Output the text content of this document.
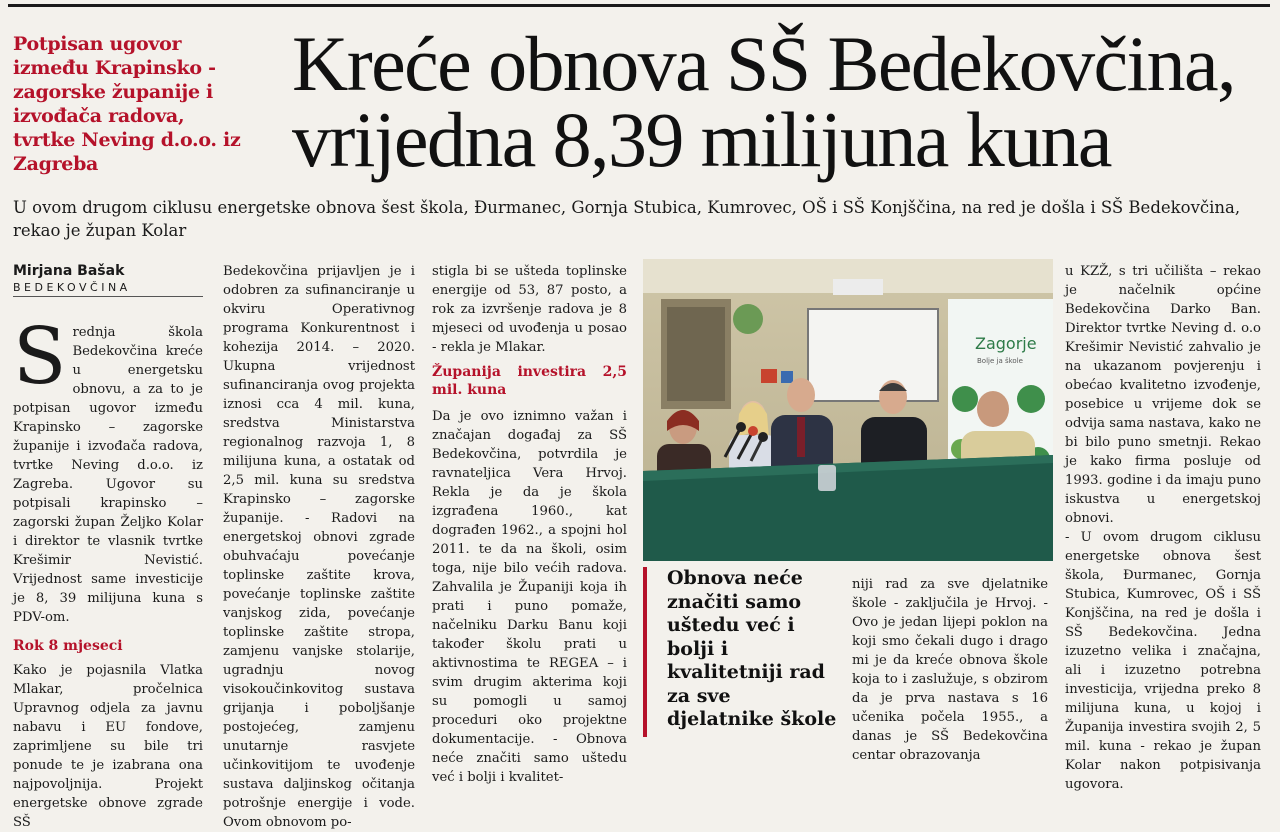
Potpisan ugovor između Krapinsko - zagorske županije i izvođača radova, tvrtke Neving d.o.o. iz Zagreba
Kreće obnova SŠ Bedekovčina,
vrijedna 8,39 milijuna kuna

U ovom drugom ciklusu energetske obnova šest škola, Đurmanec, Gornja Stubica, Kumrovec, OŠ i SŠ Konjščina, na red je došla i SŠ Bedekovčina, rekao je župan Kolar

Mirjana Bašak

BEDEKOVČINA

Srednja škola Bedekovčina kreće u energetsku obnovu, a za to je potpisan ugovor između Krapinsko – zagorske županije i izvođača radova, tvrtke Neving d.o.o. iz Zagreba. Ugovor su potpisali krapinsko – zagorski župan Željko Kolar i direktor te vlasnik tvrtke Krešimir Nevistić. Vrijednost same investicije je 8, 39 milijuna kuna s PDV-om.

Rok 8 mjeseci

Kako je pojasnila Vlatka Mlakar, pročelnica Upravnog odjela za javnu nabavu i EU fondove, zaprimljene su bile tri ponude te je izabrana ona najpovoljnija. Projekt energetske obnove zgrade SŠ

Bedekovčina prijavljen je i odobren za sufinanciranje u okviru Operativnog programa Konkurentnost i kohezija 2014. – 2020. Ukupna vrijednost sufinanciranja ovog projekta iznosi cca 4 mil. kuna, sredstva Ministarstva regionalnog razvoja 1, 8 milijuna kuna, a ostatak od 2,5 mil. kuna su sredstva Krapinsko – zagorske županije. - Radovi na energetskoj obnovi zgrade obuhvaćaju povećanje toplinske zaštite krova, povećanje toplinske zaštite vanjskog zida, povećanje toplinske zaštite stropa, zamjenu vanjske stolarije, ugradnju novog visokoučinkovitog sustava grijanja i poboljšanje postojećeg, zamjenu unutarnje rasvjete učinkovitijom te uvođenje sustava daljinskog očitanja potrošnje energije i vode. Ovom obnovom po-

stigla bi se ušteda toplinske energije od 53, 87 posto, a rok za izvršenje radova je 8 mjeseci od uvođenja u posao - rekla je Mlakar.

Županija investira 2,5 mil. kuna

Da je ovo iznimno važan i značajan događaj za SŠ Bedekovčina, potvrdila je ravnateljica Vera Hrvoj. Rekla je da je škola izgrađena 1960., kat dograđen 1962., a spojni hol 2011. te da na školi, osim toga, nije bilo većih radova. Zahvalila je Županiji koja ih prati i puno pomaže, načelniku Darku Banu koji također školu prati u aktivnostima te REGEA – i svim drugim akterima koji su pomogli u samoj proceduri oko projektne dokumentacije. - Obnova neće značiti samo uštedu već i bolji i kvalitet-

Zagorje
Bolje ja škole

Obnova neće značiti samo uštedu već i bolji i kvalitetniji rad za sve djelatnike škole

niji rad za sve djelatnike škole - zaključila je Hrvoj. - Ovo je jedan lijepi poklon na koji smo čekali dugo i drago mi je da kreće obnova škole koja to i zaslužuje, s obzirom da je prva nastava s 16 učenika počela 1955., a danas je SŠ Bedekovčina centar obrazovanja

u KZŽ, s tri učilišta – rekao je načelnik općine Bedekovčina Darko Ban. Direktor tvrtke Neving d. o.o Krešimir Nevistić zahvalio je na ukazanom povjerenju i obećao kvalitetno izvođenje, posebice u vrijeme dok se odvija sama nastava, kako ne bi bilo puno smetnji. Rekao je kako firma posluje od 1993. godine i da imaju puno iskustva u energetskoj obnovi.

- U ovom drugom ciklusu energetske obnova šest škola, Đurmanec, Gornja Stubica, Kumrovec, OŠ i SŠ Konjščina, na red je došla i SŠ Bedekovčina. Jedna izuzetno velika i značajna, ali i izuzetno potrebna investicija, vrijedna preko 8 milijuna kuna, u kojoj i Županija investira svojih 2, 5 mil. kuna - rekao je župan Kolar nakon potpisivanja ugovora.
